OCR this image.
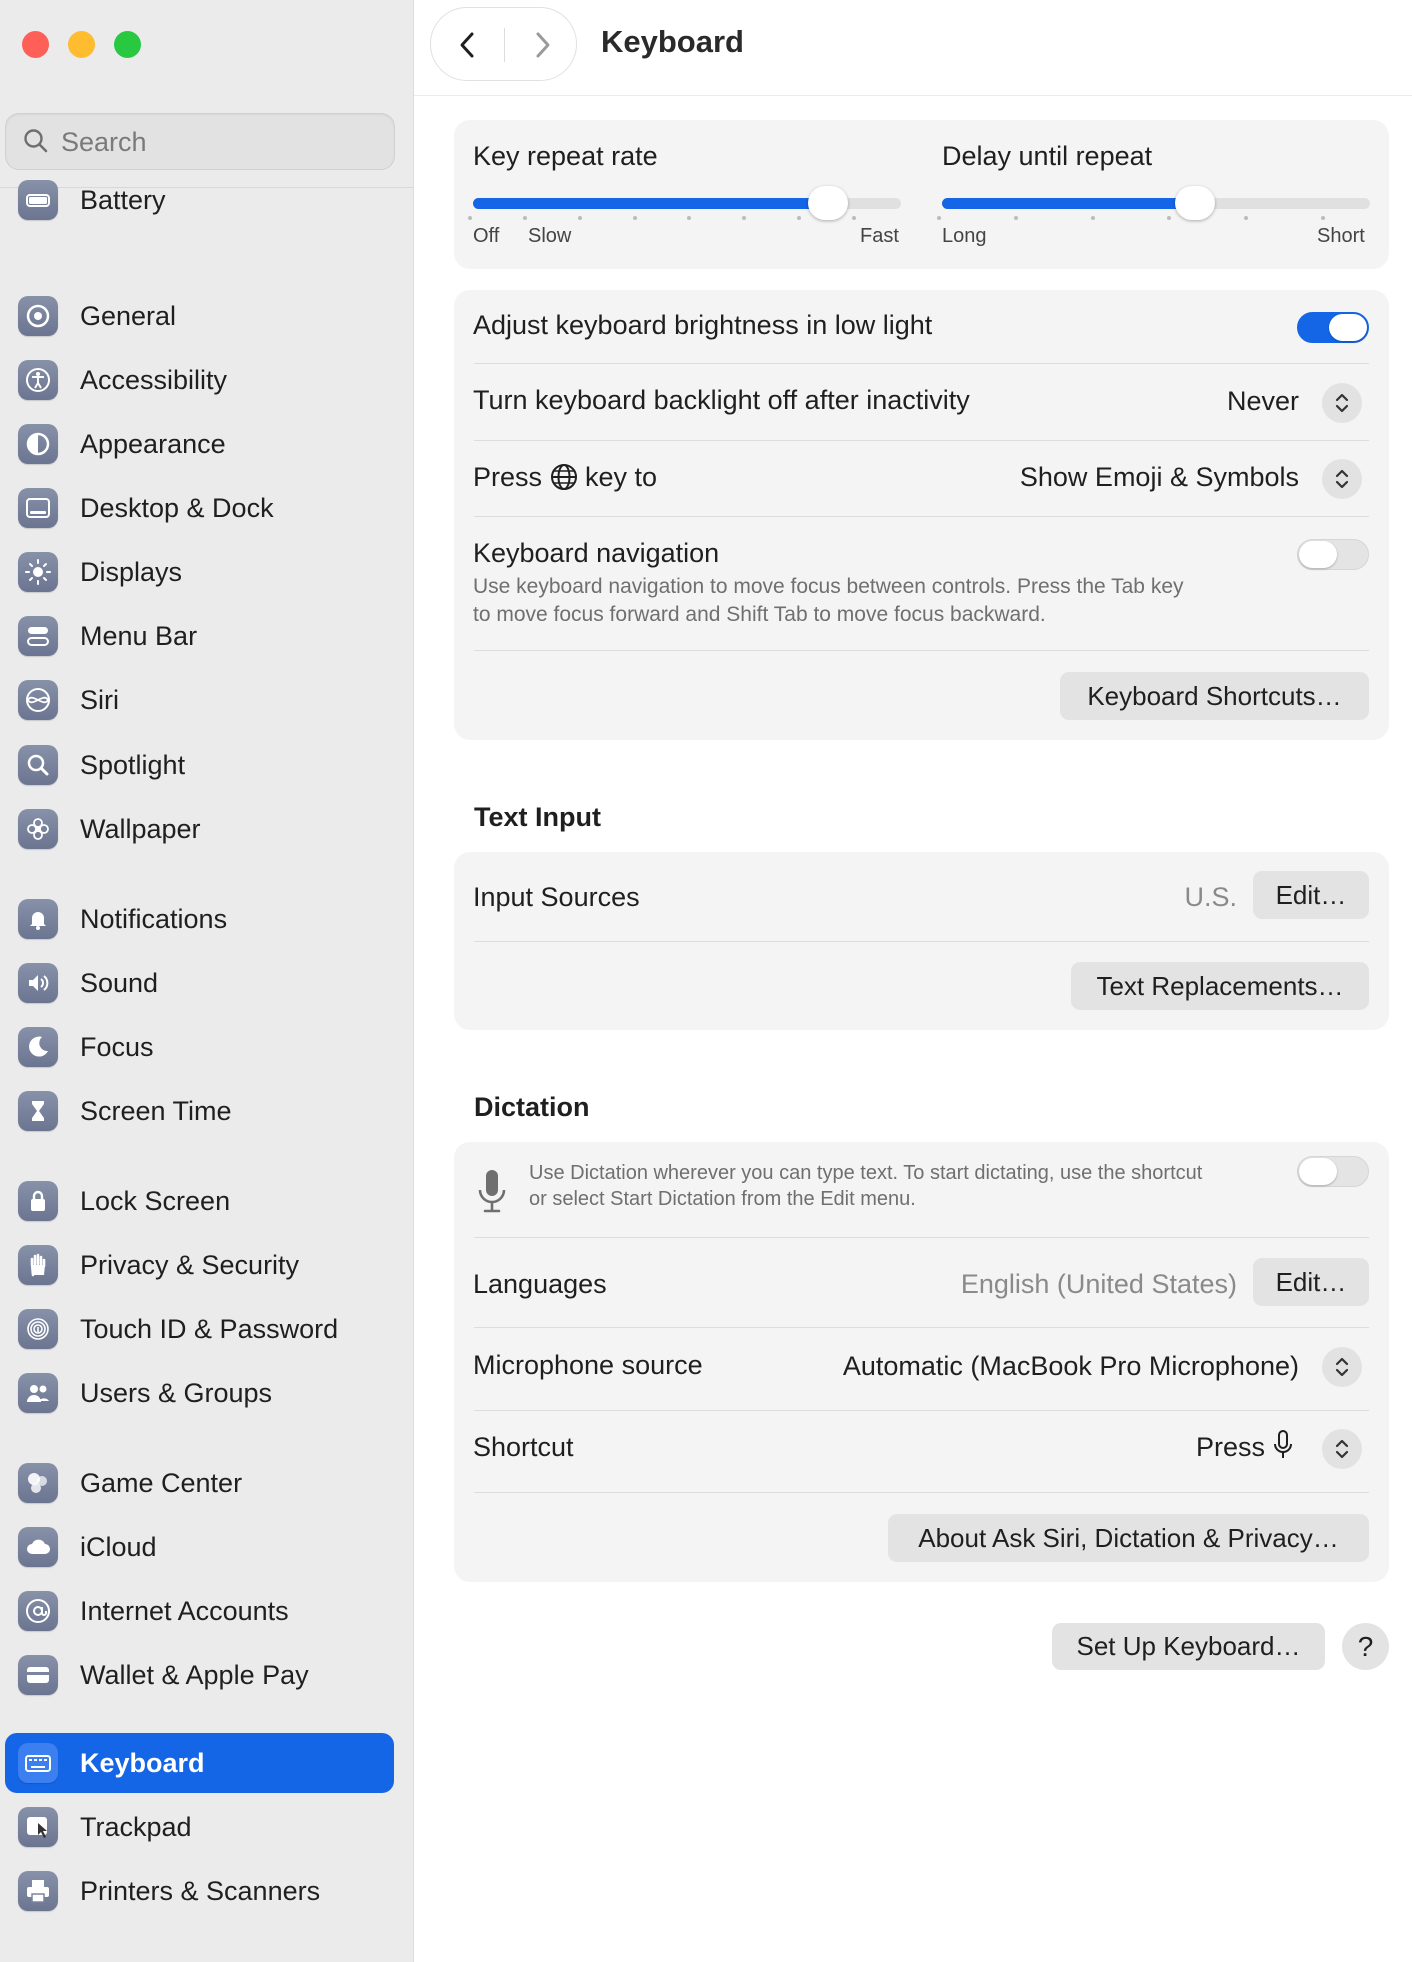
Search
Battery
General
Accessibility
Appearance
Desktop & Dock
Displays
Menu Bar
Siri
Spotlight
Wallpaper
Notifications
Sound
Focus
Screen Time
Lock Screen
Privacy & Security
Touch ID & Password
Users & Groups
Game Center
iCloud
Internet Accounts
Wallet & Apple Pay
Keyboard
Trackpad
Printers & Scanners
Keyboard
Key repeat rate
Off Slow	Fast
Delay until repeat
Long	Short
Adjust keyboard brightness in low light
Turn keyboard backlight off after inactivity	Never
Press key to	Show Emoji & Symbols
Keyboard navigation
Use keyboard navigation to move focus between controls. Press the Tab key
to move focus forward and Shift Tab to move focus backward.
Keyboard Shortcuts…
Text Input
Input Sources	U.S.	Edit…
Text Replacements…
Dictation
Use Dictation wherever you can type text. To start dictating, use the shortcut
or select Start Dictation from the Edit menu.
Languages	English (United States)	Edit…
Microphone source	Automatic (MacBook Pro Microphone)
Shortcut	Press
About Ask Siri, Dictation & Privacy…
Set Up Keyboard…	?
